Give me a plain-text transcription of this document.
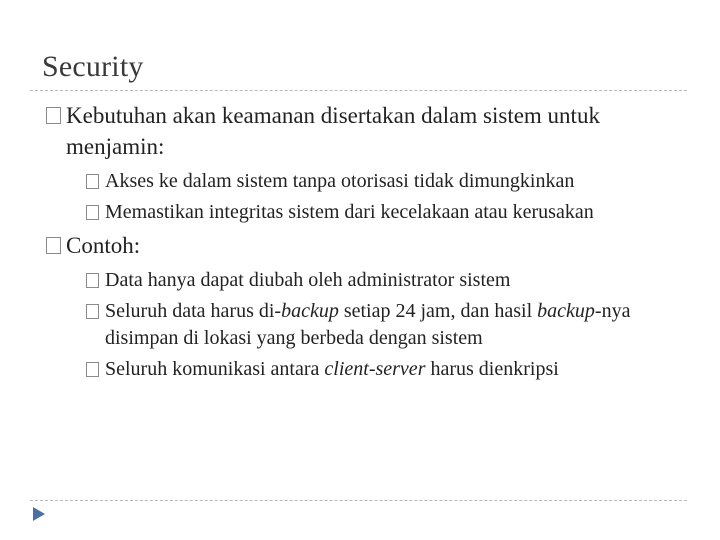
Security
Kebutuhan akan keamanan disertakan dalam sistem untuk menjamin:
Akses ke dalam sistem tanpa otorisasi tidak dimungkinkan
Memastikan integritas sistem dari kecelakaan atau kerusakan
Contoh:
Data hanya dapat diubah oleh administrator sistem
Seluruh data harus di-backup setiap 24 jam, dan hasil backup-nya disimpan di lokasi yang berbeda dengan sistem
Seluruh komunikasi antara client-server harus dienkripsi
